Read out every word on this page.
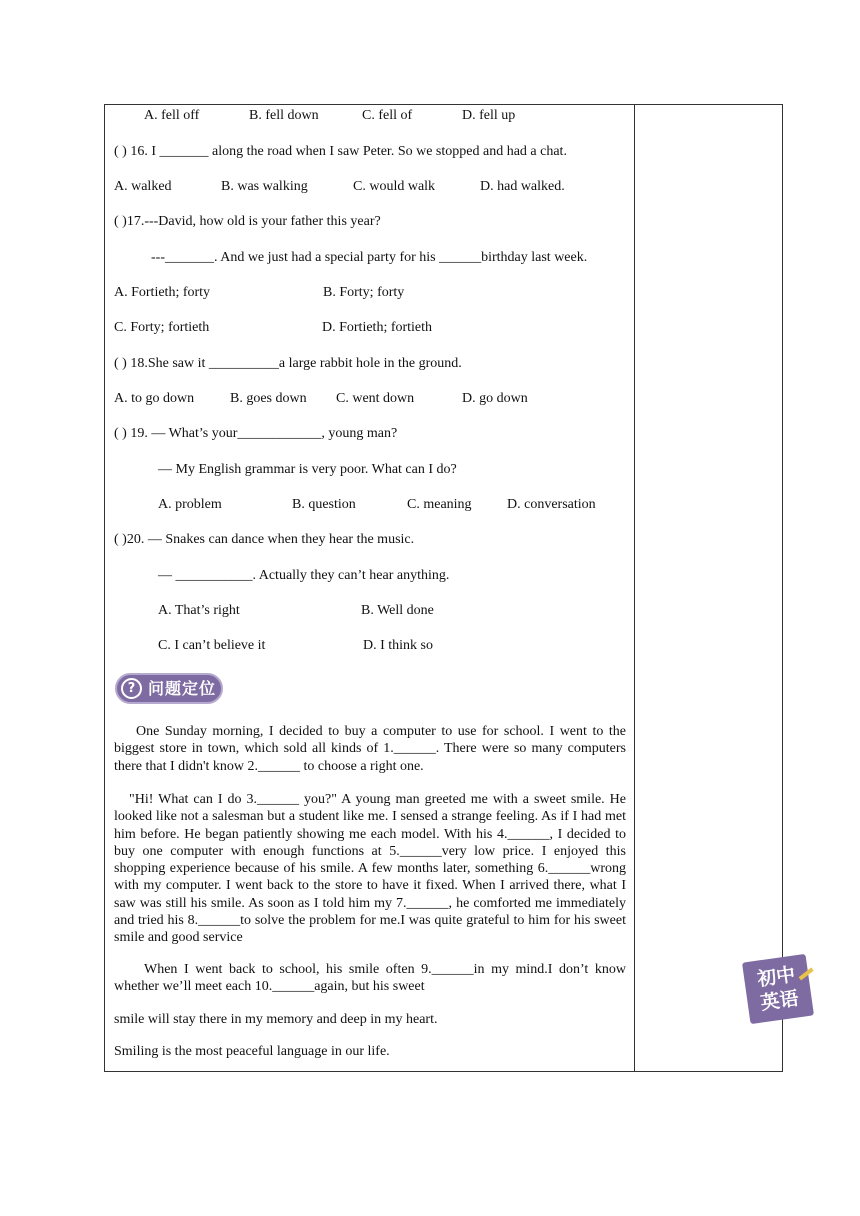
A. fell off	B. fell down	C. fell of	D. fell up
( ) 16. I _______ along the road when I saw Peter. So we stopped and had a chat.
A. walked	B. was walking	C. would walk	D. had walked.
( )17.---David, how old is your father this year?
---_______. And we just had a special party for his ______birthday last week.
A. Fortieth; forty	B. Forty; forty
C. Forty; fortieth	D. Fortieth; fortieth
( ) 18.She saw it __________a large rabbit hole in the ground.
A. to go down	B. goes down C. went down	D. go down
( ) 19. — What’s your____________, young man?
— My English grammar is very poor. What can I do?
A. problem	B. question	C. meaning	D. conversation
( )20. — Snakes can dance when they hear the music.
— ___________. Actually they can’t hear anything.
A. That’s right	B. Well done
C. I can’t believe it	D. I think so
? 问题定位
One Sunday morning, I decided to buy a computer to use for school. I went to the biggest store in town, which sold all kinds of 1.______. There were so many computers there that I didn't know 2.______ to choose a right one.
"Hi! What can I do 3.______ you?" A young man greeted me with a sweet smile. He looked like not a salesman but a student like me. I sensed a strange feeling. As if I had met him before. He began patiently showing me each model. With his 4.______, I decided to buy one computer with enough functions at 5.______very low price. I enjoyed this shopping experience because of his smile. A few months later, something 6.______wrong with my computer. I went back to the store to have it fixed. When I arrived there, what I saw was still his smile. As soon as I told him my 7.______, he comforted me immediately and tried his 8.______to solve the problem for me.I was quite grateful to him for his sweet smile and good service
When I went back to school, his smile often 9.______in my mind.I don’t know whether we’ll meet each 10.______again, but his sweet
smile will stay there in my memory and deep in my heart.
Smiling is the most peaceful language in our life.
初中
英语
